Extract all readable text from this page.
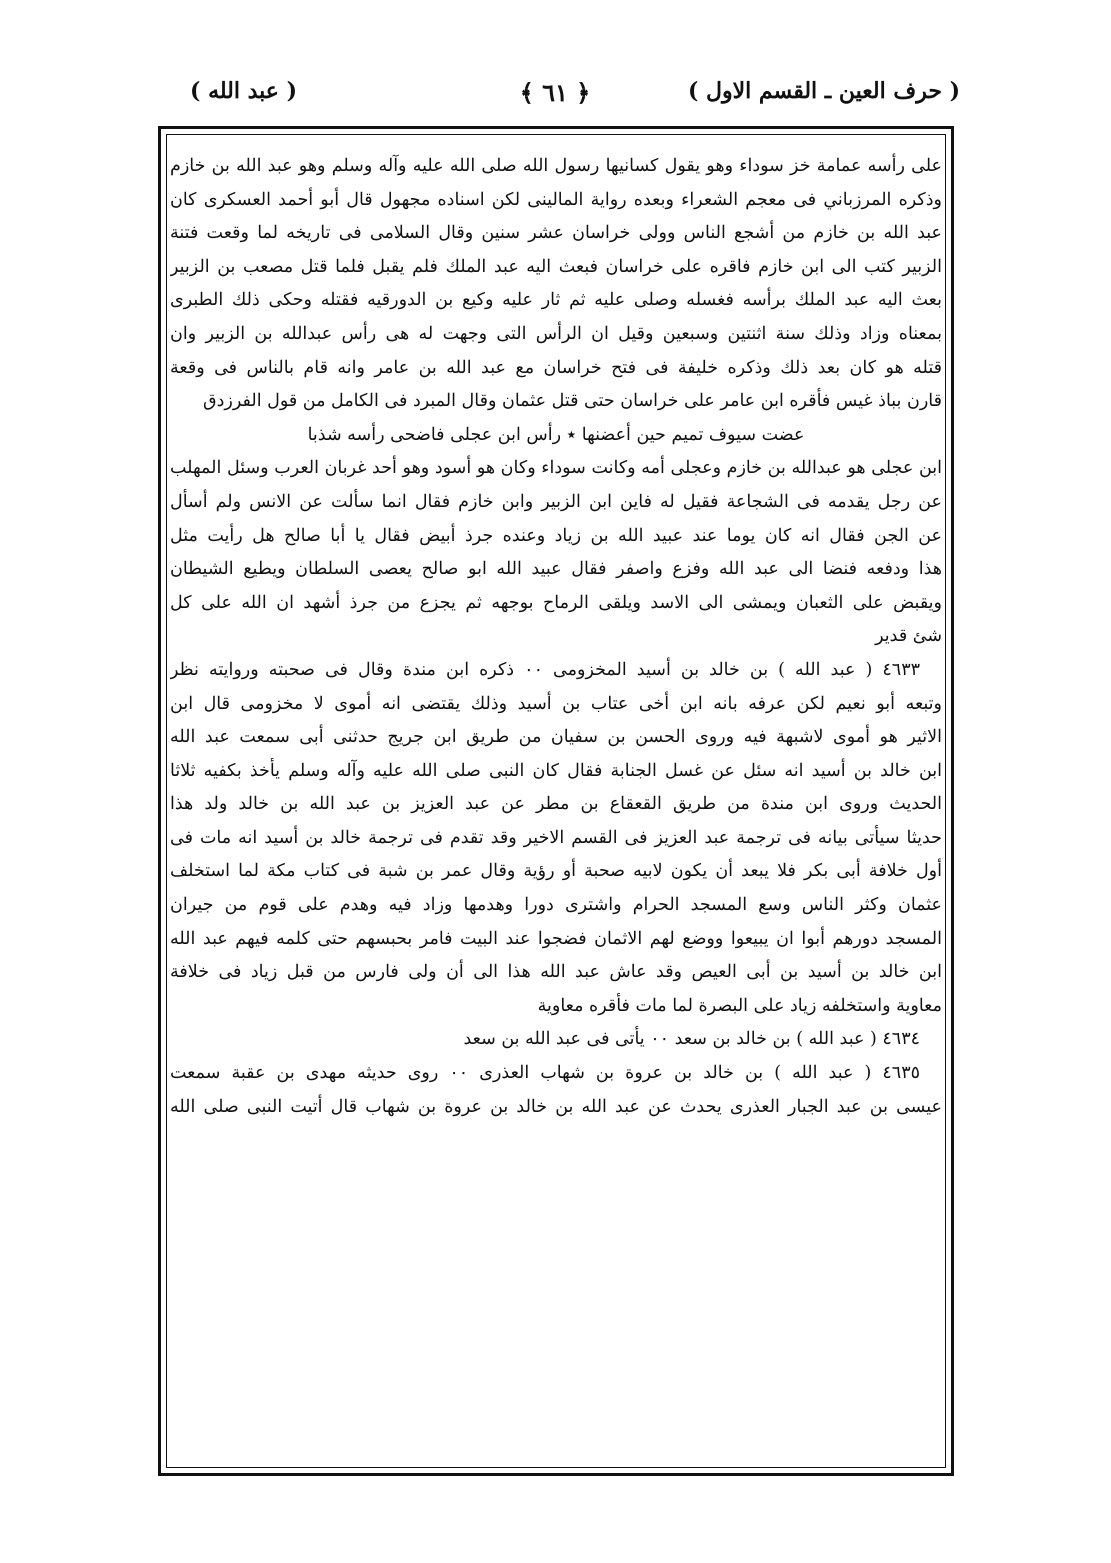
( حرف العين ـ القسم الاول )
﴿ ٦١ ﴾
( عبد الله )
على رأسه عمامة خز سوداء وهو يقول كسانيها رسول الله صلى الله عليه وآله وسلم وهو عبد الله بن خازم
وذكره المرزباني فى معجم الشعراء وبعده رواية المالينى لكن اسناده مجهول قال أبو أحمد العسكرى كان
عبد الله بن خازم من أشجع الناس وولى خراسان عشر سنين وقال السلامى فى تاريخه لما وقعت فتنة
الزبير كتب الى ابن خازم فاقره على خراسان فبعث اليه عبد الملك فلم يقبل فلما قتل مصعب بن الزبير
بعث اليه عبد الملك برأسه فغسله وصلى عليه ثم ثار عليه وكيع بن الدورقيه فقتله وحكى ذلك الطبرى
بمعناه وزاد وذلك سنة اثنتين وسبعين وقيل ان الرأس التى وجهت له هى رأس عبدالله بن الزبير وان
قتله هو كان بعد ذلك وذكره خليفة فى فتح خراسان مع عبد الله بن عامر وانه قام بالناس فى وقعة
قارن بباذ غيس فأقره ابن عامر على خراسان حتى قتل عثمان وقال المبرد فى الكامل من قول الفرزدق
عضت سيوف تميم حين أعضنها ٭ رأس ابن عجلى فاضحى رأسه شذبا
ابن عجلى هو عبدالله بن خازم وعجلى أمه وكانت سوداء وكان هو أسود وهو أحد غربان العرب وسئل المهلب
عن رجل يقدمه فى الشجاعة فقيل له فاين ابن الزبير وابن خازم فقال انما سألت عن الانس ولم أسأل
عن الجن فقال انه كان يوما عند عبيد الله بن زياد وعنده جرذ أبيض فقال يا أبا صالح هل رأيت مثل
هذا ودفعه فنضا الى عبد الله وفزع واصفر فقال عبيد الله ابو صالح يعصى السلطان ويطيع الشيطان
ويقبض على الثعبان ويمشى الى الاسد ويلقى الرماح بوجهه ثم يجزع من جرذ أشهد ان الله على كل
شئ قدير
٤٦٣٣ ( عبد الله ) بن خالد بن أسيد المخزومى ٠٠ ذكره ابن مندة وقال فى صحبته وروايته نظر
وتبعه أبو نعيم لكن عرفه بانه ابن أخى عتاب بن أسيد وذلك يقتضى انه أموى لا مخزومى قال ابن
الاثير هو أموى لاشبهة فيه وروى الحسن بن سفيان من طريق ابن جريج حدثنى أبى سمعت عبد الله
ابن خالد بن أسيد انه سئل عن غسل الجنابة فقال كان النبى صلى الله عليه وآله وسلم يأخذ بكفيه ثلاثا
الحديث وروى ابن مندة من طريق القعقاع بن مطر عن عبد العزيز بن عبد الله بن خالد ولد هذا
حديثا سيأتى بيانه فى ترجمة عبد العزيز فى القسم الاخير وقد تقدم فى ترجمة خالد بن أسيد انه مات فى
أول خلافة أبى بكر فلا يبعد أن يكون لابيه صحبة أو رؤية وقال عمر بن شبة فى كتاب مكة لما استخلف
عثمان وكثر الناس وسع المسجد الحرام واشترى دورا وهدمها وزاد فيه وهدم على قوم من جيران
المسجد دورهم أبوا ان يبيعوا ووضع لهم الاثمان فضجوا عند البيت فامر بحبسهم حتى كلمه فيهم عبد الله
ابن خالد بن أسيد بن أبى العيص وقد عاش عبد الله هذا الى أن ولى فارس من قبل زياد فى خلافة
معاوية واستخلفه زياد على البصرة لما مات فأقره معاوية
٤٦٣٤ ( عبد الله ) بن خالد بن سعد ٠٠ يأتى فى عبد الله بن سعد
٤٦٣٥ ( عبد الله ) بن خالد بن عروة بن شهاب العذرى ٠٠ روى حديثه مهدى بن عقبة سمعت
عيسى بن عبد الجبار العذرى يحدث عن عبد الله بن خالد بن عروة بن شهاب قال أتيت النبى صلى الله
